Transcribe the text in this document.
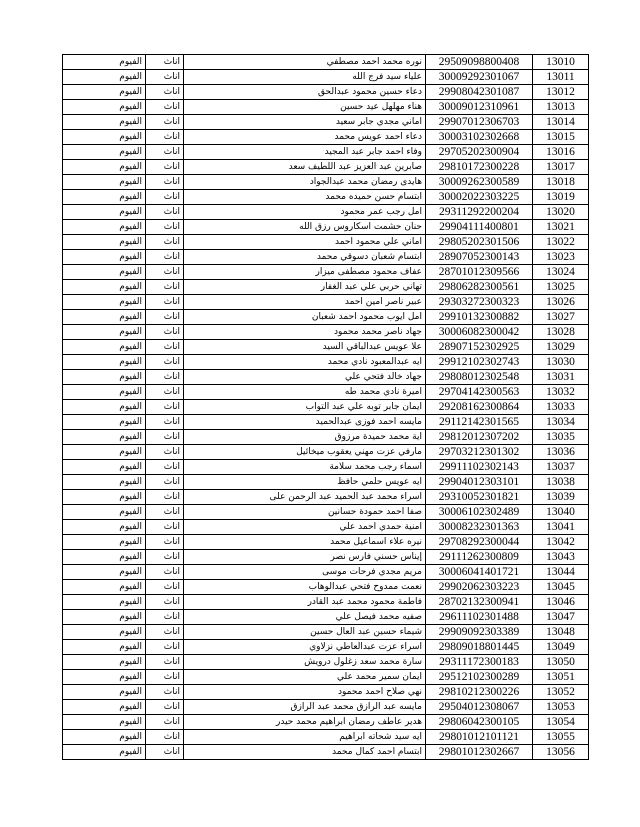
الفيوم	اناث	نوره محمد احمد مصطفي	29509098800408	13010
الفيوم	اناث	علياء سيد فرج الله	30009292301067	13011
الفيوم	اناث	دعاء حسين محمود عبدالحق	29908042301087	13012
الفيوم	اناث	هناء مهلهل عيد حسين	30009012310961	13013
الفيوم	اناث	اماني مجدي جابر سعيد	29907012306703	13014
الفيوم	اناث	دعاء احمد عويس محمد	30003102302668	13015
الفيوم	اناث	وفاء احمد جابر عبد المجيد	29705202300904	13016
الفيوم	اناث	صابرين عبد العزيز عبد اللطيف سعد	29810172300228	13017
الفيوم	اناث	هايدى رمضان محمد عبدالجواد	30009262300589	13018
الفيوم	اناث	ابتسام حسن حميده محمد	30002022303225	13019
الفيوم	اناث	امل رجب عمر محمود	29311292200204	13020
الفيوم	اناث	حنان حشمت اسكاروس رزق الله	29904111400801	13021
الفيوم	اناث	اماني علي محمود احمد	29805202301506	13022
الفيوم	اناث	ابتسام شعبان دسوقي محمد	28907052300143	13023
الفيوم	اناث	عفاف محمود مصطفى ميزار	28701012309566	13024
الفيوم	اناث	تهاني حربي علي عبد الغفار	29806282300561	13025
الفيوم	اناث	عبير ناصر امين احمد	29303272300323	13026
الفيوم	اناث	امل ايوب محمود احمد شعبان	29910132300882	13027
الفيوم	اناث	جهاد ناصر محمد محمود	30006082300042	13028
الفيوم	اناث	علا عويس عبدالباقي السيد	28907152302925	13029
الفيوم	اناث	ايه عبدالمعبود نادي محمد	29912102302743	13030
الفيوم	اناث	جهاد خالد فتحي علي	29808012302548	13031
الفيوم	اناث	اميرة نادي محمد طه	29704142300563	13032
الفيوم	اناث	ايمان جابر توبه علي عبد التواب	29208162300864	13033
الفيوم	اناث	مايسه احمد فوزى عبدالحميد	29112142301565	13034
الفيوم	اناث	اية محمد حميدة مرزوق	29812012307202	13035
الفيوم	اناث	مارفي عزت مهني يعقوب ميخائيل	29703212301302	13036
الفيوم	اناث	اسماء رجب محمد سلامة	29911102302143	13037
الفيوم	اناث	ايه عويس حلمي حافظ	29904012303101	13038
الفيوم	اناث	اسراء محمد عبد الحميد عبد الرحمن على	29310052301821	13039
الفيوم	اناث	صفا احمد حمودة حسانين	30006102302489	13040
الفيوم	اناث	امنية حمدي احمد علي	30008232301363	13041
الفيوم	اناث	نيره علاء اسماعيل محمد	29708292300044	13042
الفيوم	اناث	إيناس حسني فارس نصر	29111262300809	13043
الفيوم	اناث	مريم مجدي فرحات موسى	30006041401721	13044
الفيوم	اناث	نعمت ممدوح فتحي عبدالوهاب	29902062303223	13045
الفيوم	اناث	فاطمة محمود محمد عبد القادر	28702132300941	13046
الفيوم	اناث	صفيه محمد فيصل علي	29611102301488	13047
الفيوم	اناث	شيماء حسين عبد العال حسين	29909092303389	13048
الفيوم	اناث	اسراء عزت عبدالعاطي نزلاوي	29809018801445	13049
الفيوم	اناث	سارة محمد سعد زغلول درويش	29311172300183	13050
الفيوم	اناث	ايمان سمير محمد علي	29512102300289	13051
الفيوم	اناث	نهي صلاح احمد محمود	29810212300226	13052
الفيوم	اناث	مايسه عبد الرازق محمد عبد الرازق	29504012308067	13053
الفيوم	اناث	هدير عاطف رمضان ابراهيم محمد حيدر	29806042300105	13054
الفيوم	اناث	ايه سيد شحاته ابراهيم	29801012101121	13055
الفيوم	اناث	ابتسام احمد كمال محمد	29801012302667	13056
